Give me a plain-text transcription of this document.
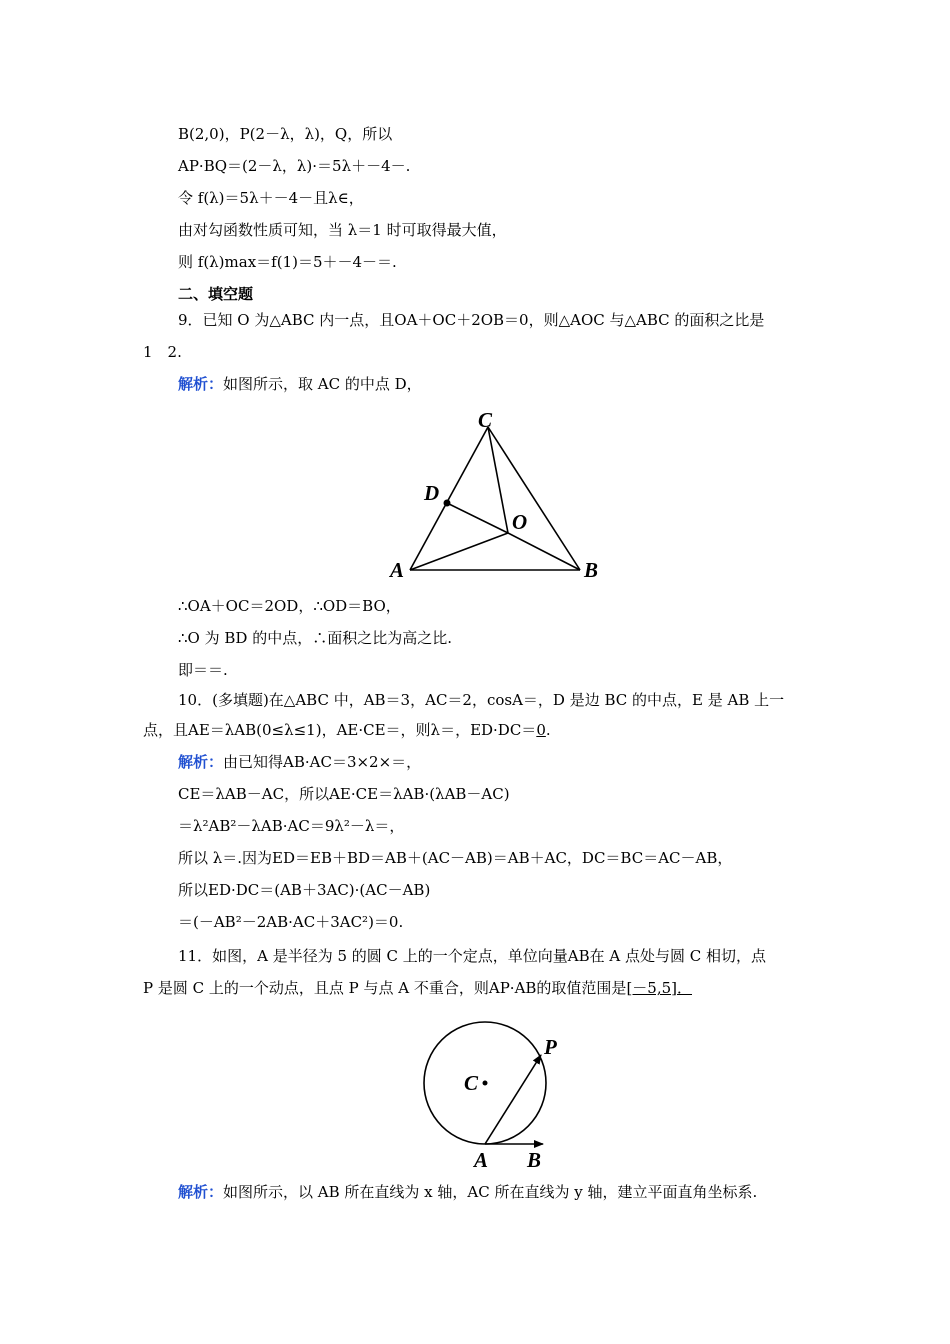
B(2,0)，P(2－λ，λ)，Q，所以
AP·BQ＝(2－λ，λ)·＝5λ＋－4－.
令 f(λ)＝5λ＋－4－且λ∈，
由对勾函数性质可知，当 λ＝1 时可取得最大值，
则 f(λ)max＝f(1)＝5＋－4－＝.
二、填空题
9．已知 O 为△ABC 内一点，且OA＋OC＋2OB＝0，则△AOC 与△ABC 的面积之比是
1　2.
解析：如图所示，取 AC 的中点 D，
C
D
O
A	B
∴OA＋OC＝2OD，∴OD＝BO，
∴O 为 BD 的中点，∴面积之比为高之比.
即＝＝.
10．(多填题)在△ABC 中，AB＝3，AC＝2，cosA＝，D 是边 BC 的中点，E 是 AB 上一
点，且AE＝λAB(0≤λ≤1)，AE·CE＝，则λ＝，ED·DC＝0.
解析：由已知得AB·AC＝3×2×＝，
CE＝λAB－AC，所以AE·CE＝λAB·(λAB－AC)
＝λ²AB²－λAB·AC＝9λ²－λ＝，
所以 λ＝.因为ED＝EB＋BD＝AB＋(AC－AB)＝AB＋AC，DC＝BC＝AC－AB，
所以ED·DC＝(AB＋3AC)·(AC－AB)
＝(－AB²－2AB·AC＋3AC²)＝0.
11．如图，A 是半径为 5 的圆 C 上的一个定点，单位向量AB在 A 点处与圆 C 相切，点
P 是圆 C 上的一个动点，且点 P 与点 A 不重合，则AP·AB的取值范围是[－5,5]．
C
P
A B
解析：如图所示，以 AB 所在直线为 x 轴，AC 所在直线为 y 轴，建立平面直角坐标系.
